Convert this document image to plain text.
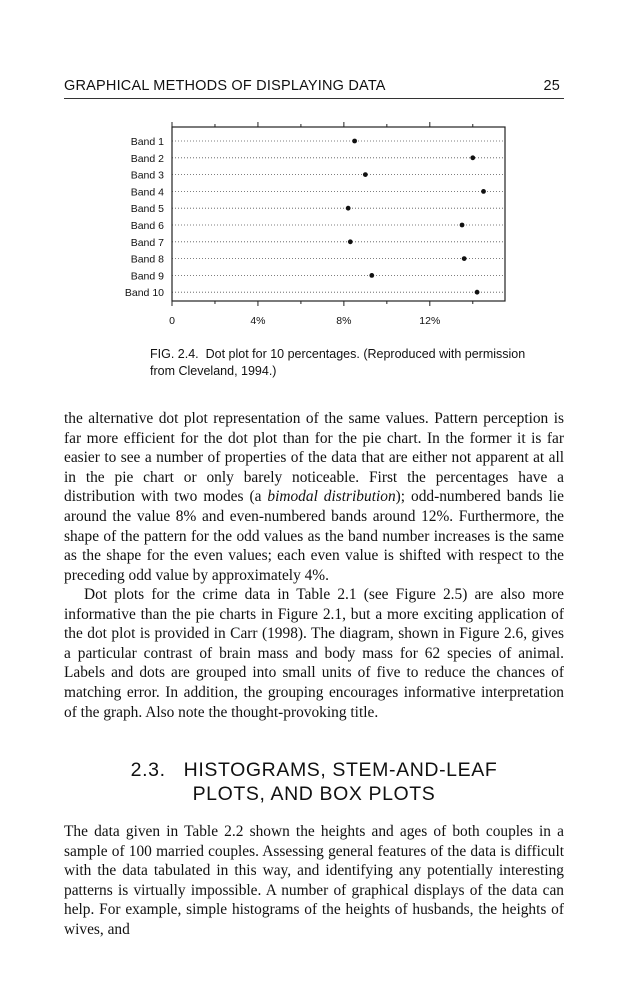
GRAPHICAL METHODS OF DISPLAYING DATA	25
Band 1
Band 2
Band 3
Band 4
Band 5
Band 6
Band 7
Band 8
Band 9
Band 10
0	4%	8%	12%
FIG. 2.4. Dot plot for 10 percentages. (Reproduced with permission from Cleveland, 1994.)

the alternative dot plot representation of the same values. Pattern perception is far more efficient for the dot plot than for the pie chart. In the former it is far easier to see a number of properties of the data that are either not apparent at all in the pie chart or only barely noticeable. First the percentages have a distribution with two modes (a bimodal distribution); odd-numbered bands lie around the value 8% and even-numbered bands around 12%. Furthermore, the shape of the pattern for the odd values as the band number increases is the same as the shape for the even values; each even value is shifted with respect to the preceding odd value by approximately 4%.

Dot plots for the crime data in Table 2.1 (see Figure 2.5) are also more informative than the pie charts in Figure 2.1, but a more exciting application of the dot plot is provided in Carr (1998). The diagram, shown in Figure 2.6, gives a particular contrast of brain mass and body mass for 62 species of animal. Labels and dots are grouped into small units of five to reduce the chances of matching error. In addition, the grouping encourages informative interpretation of the graph. Also note the thought-provoking title.

2.3. HISTOGRAMS, STEM-AND-LEAF
PLOTS, AND BOX PLOTS

The data given in Table 2.2 shown the heights and ages of both couples in a sample of 100 married couples. Assessing general features of the data is difficult with the data tabulated in this way, and identifying any potentially interesting patterns is virtually impossible. A number of graphical displays of the data can help. For example, simple histograms of the heights of husbands, the heights of wives, and
